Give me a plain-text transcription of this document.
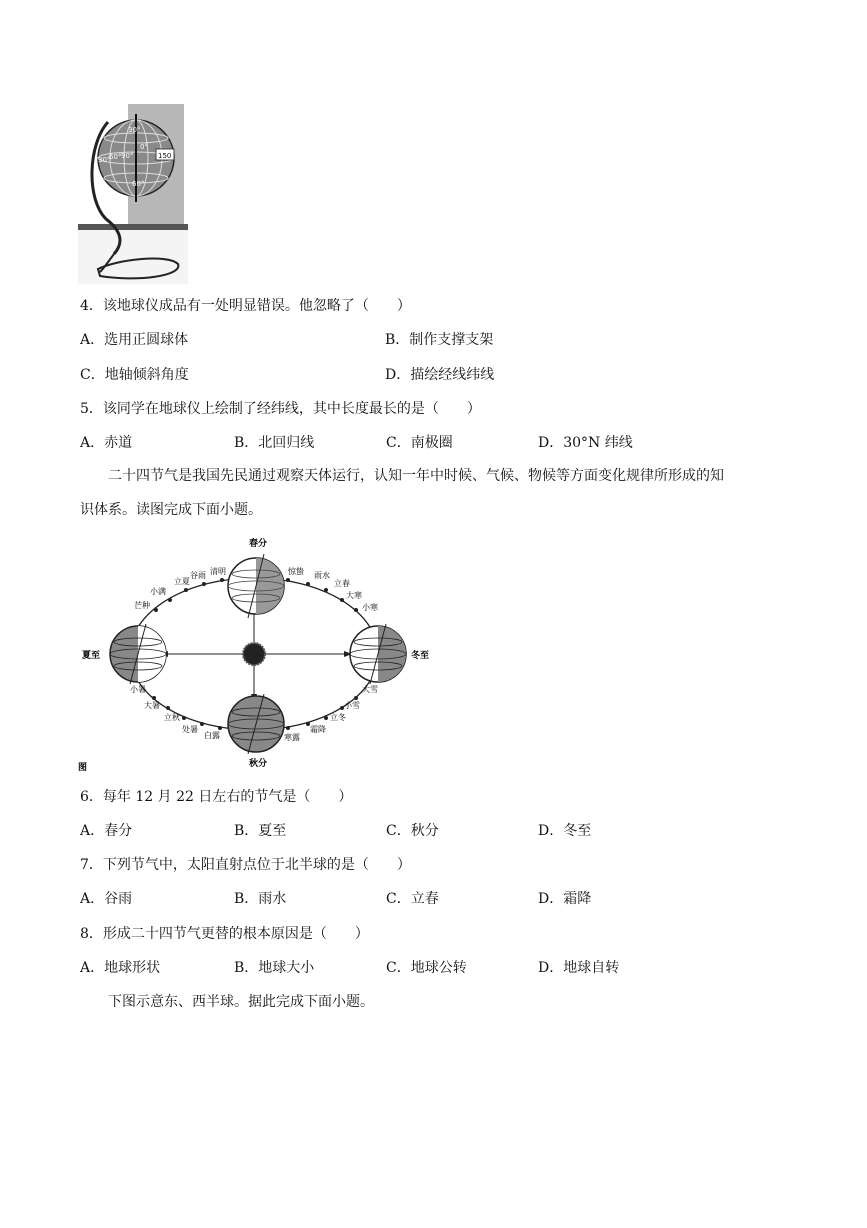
30°
0°
30°
60° 90°	150
60°
4．该地球仪成品有一处明显错误。他忽略了（　　）
A．选用正圆球体	B．制作支撑支架
C．地轴倾斜角度	D．描绘经线纬线
5．该同学在地球仪上绘制了经纬线，其中长度最长的是（　　）
A．赤道	B．北回归线	C．南极圈	D．30°N 纬线
二十四节气是我国先民通过观察天体运行，认知一年中时候、气候、物候等方面变化规律所形成的知
识体系。读图完成下面小题。
春分
夏至	冬至
秋分
芒种
小满
立夏
谷雨 清明	惊蛰 雨水
立春
大寒
小寒
小暑
大暑
立秋
处暑
白露	寒露
霜降
立冬
小雪
大雪
图
6．每年 12 月 22 日左右的节气是（　　）
A．春分	B．夏至	C．秋分	D．冬至
7．下列节气中，太阳直射点位于北半球的是（　　）
A．谷雨	B．雨水	C．立春	D．霜降
8．形成二十四节气更替的根本原因是（　　）
A．地球形状	B．地球大小	C．地球公转	D．地球自转
下图示意东、西半球。据此完成下面小题。
